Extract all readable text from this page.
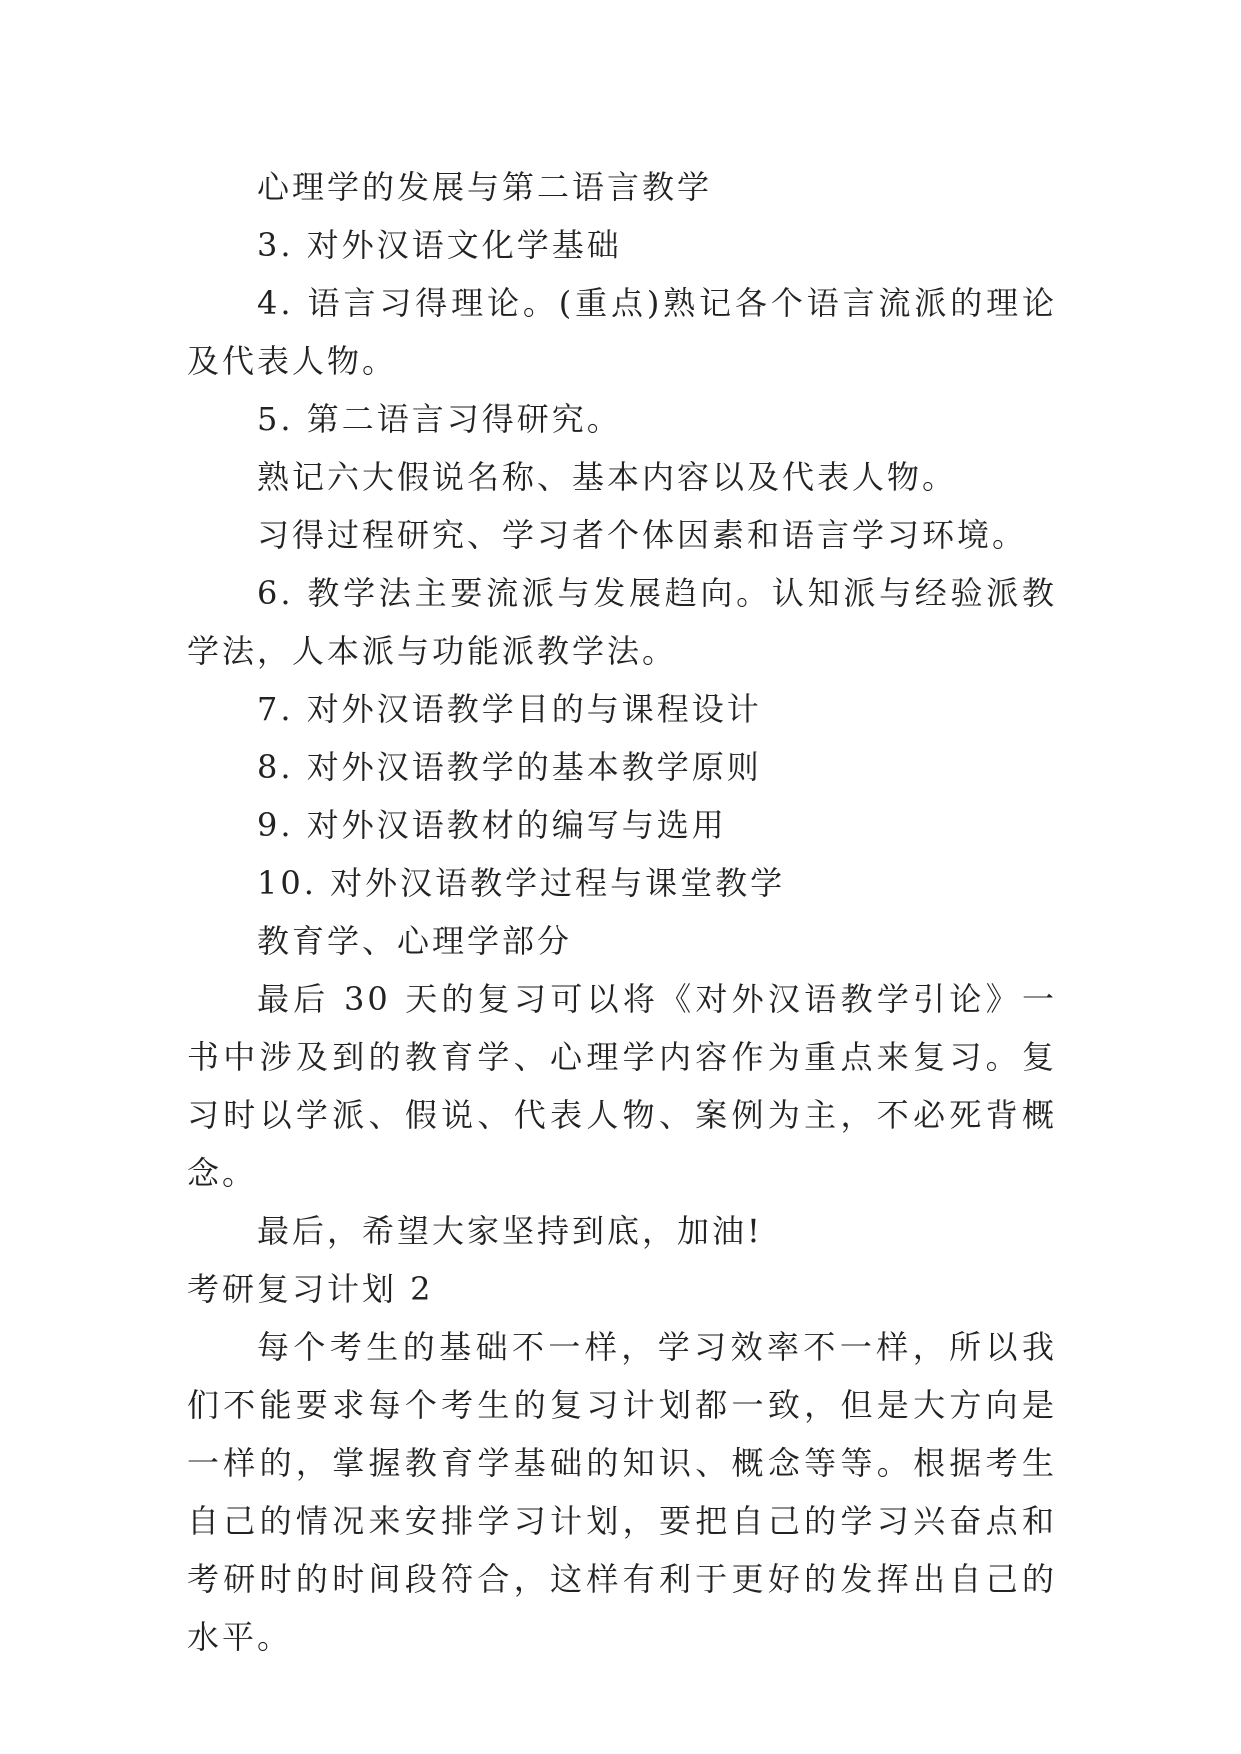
心理学的发展与第二语言教学

3. 对外汉语文化学基础

4. 语言习得理论。(重点)熟记各个语言流派的理论及代表人物。

5. 第二语言习得研究。

熟记六大假说名称、基本内容以及代表人物。

习得过程研究、学习者个体因素和语言学习环境。

6. 教学法主要流派与发展趋向。认知派与经验派教学法，人本派与功能派教学法。

7. 对外汉语教学目的与课程设计

8. 对外汉语教学的基本教学原则

9. 对外汉语教材的编写与选用

10. 对外汉语教学过程与课堂教学

教育学、心理学部分

最后 30 天的复习可以将《对外汉语教学引论》一书中涉及到的教育学、心理学内容作为重点来复习。复习时以学派、假说、代表人物、案例为主，不必死背概念。

最后，希望大家坚持到底，加油!

考研复习计划 2

每个考生的基础不一样，学习效率不一样，所以我们不能要求每个考生的复习计划都一致，但是大方向是一样的，掌握教育学基础的知识、概念等等。根据考生自己的情况来安排学习计划，要把自己的学习兴奋点和考研时的时间段符合，这样有利于更好的发挥出自己的水平。
